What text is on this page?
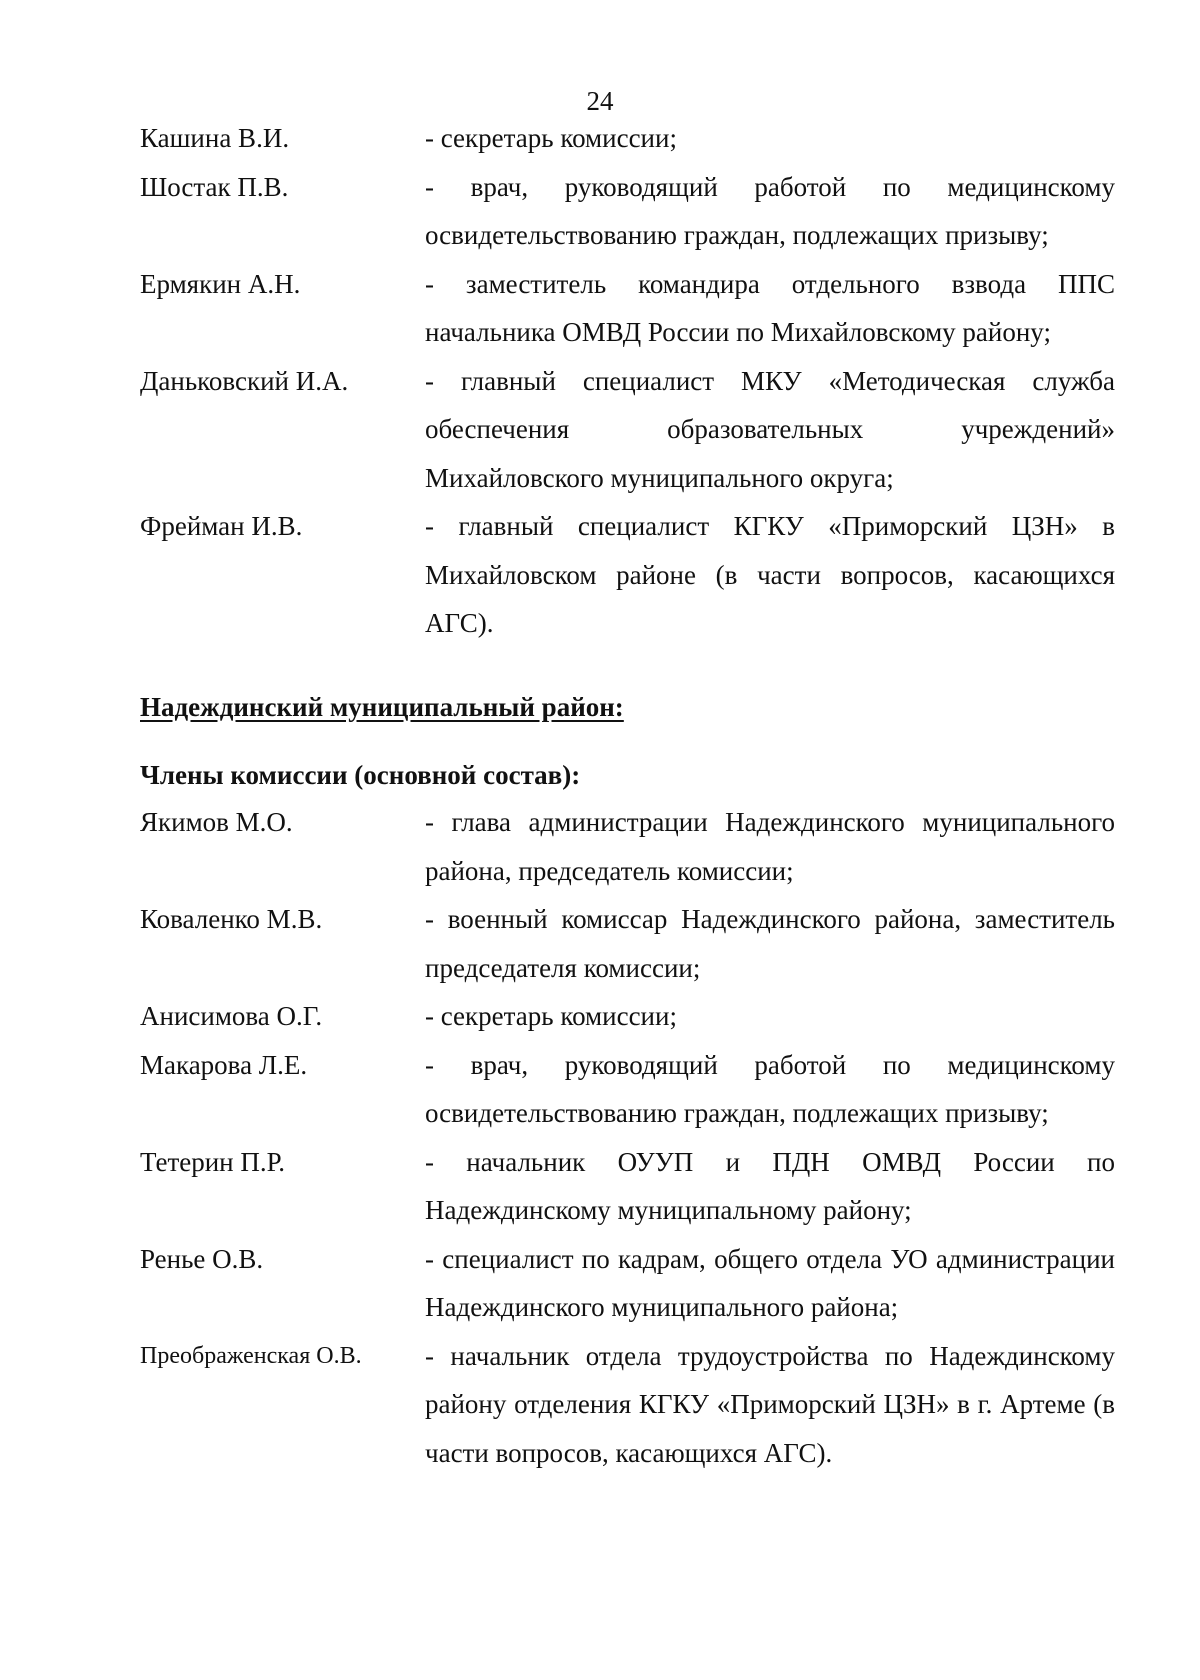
24
Кашина В.И.	- секретарь комиссии;
Шостак П.В.	- врач, руководящий работой по медицинскому освидетельствованию граждан, подлежащих призыву;
Ермякин А.Н.	- заместитель командира отдельного взвода ППС начальника ОМВД России по Михайловскому району;
Даньковский И.А.	- главный специалист МКУ «Методическая служба обеспечения образовательных учреждений» Михайловского муниципального округа;
Фрейман И.В.	- главный специалист КГКУ «Приморский ЦЗН» в Михайловском районе (в части вопросов, касающихся АГС).
Надеждинский муниципальный район:
Члены комиссии (основной состав):
Якимов М.О.	- глава администрации Надеждинского муниципального района, председатель комиссии;
Коваленко М.В.	- военный комиссар Надеждинского района, заместитель председателя комиссии;
Анисимова О.Г.	- секретарь комиссии;
Макарова Л.Е.	- врач, руководящий работой по медицинскому освидетельствованию граждан, подлежащих призыву;
Тетерин П.Р.	- начальник ОУУП и ПДН ОМВД России по Надеждинскому муниципальному району;
Ренье О.В.	- специалист по кадрам, общего отдела УО администрации Надеждинского муниципального района;
Преображенская О.В.	- начальник отдела трудоустройства по Надеждинскому району отделения КГКУ «Приморский ЦЗН» в г. Артеме (в части вопросов, касающихся АГС).
